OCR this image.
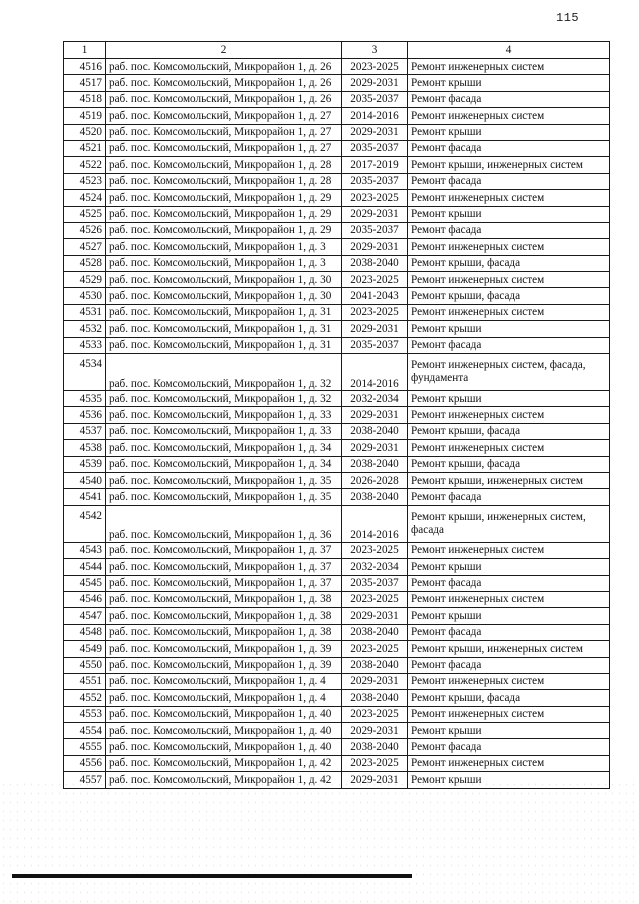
115
1	2	3	4
4516	раб. пос. Комсомольский, Микрорайон 1, д. 26	2023-2025	Ремонт инженерных систем
4517	раб. пос. Комсомольский, Микрорайон 1, д. 26	2029-2031	Ремонт крыши
4518	раб. пос. Комсомольский, Микрорайон 1, д. 26	2035-2037	Ремонт фасада
4519	раб. пос. Комсомольский, Микрорайон 1, д. 27	2014-2016	Ремонт инженерных систем
4520	раб. пос. Комсомольский, Микрорайон 1, д. 27	2029-2031	Ремонт крыши
4521	раб. пос. Комсомольский, Микрорайон 1, д. 27	2035-2037	Ремонт фасада
4522	раб. пос. Комсомольский, Микрорайон 1, д. 28	2017-2019	Ремонт крыши, инженерных систем
4523	раб. пос. Комсомольский, Микрорайон 1, д. 28	2035-2037	Ремонт фасада
4524	раб. пос. Комсомольский, Микрорайон 1, д. 29	2023-2025	Ремонт инженерных систем
4525	раб. пос. Комсомольский, Микрорайон 1, д. 29	2029-2031	Ремонт крыши
4526	раб. пос. Комсомольский, Микрорайон 1, д. 29	2035-2037	Ремонт фасада
4527	раб. пос. Комсомольский, Микрорайон 1, д. 3	2029-2031	Ремонт инженерных систем
4528	раб. пос. Комсомольский, Микрорайон 1, д. 3	2038-2040	Ремонт крыши, фасада
4529	раб. пос. Комсомольский, Микрорайон 1, д. 30	2023-2025	Ремонт инженерных систем
4530	раб. пос. Комсомольский, Микрорайон 1, д. 30	2041-2043	Ремонт крыши, фасада
4531	раб. пос. Комсомольский, Микрорайон 1, д. 31	2023-2025	Ремонт инженерных систем
4532	раб. пос. Комсомольский, Микрорайон 1, д. 31	2029-2031	Ремонт крыши
4533	раб. пос. Комсомольский, Микрорайон 1, д. 31	2035-2037	Ремонт фасада
4534	раб. пос. Комсомольский, Микрорайон 1, д. 32	2014-2016	Ремонт инженерных систем, фасада, фундамента
4535	раб. пос. Комсомольский, Микрорайон 1, д. 32	2032-2034	Ремонт крыши
4536	раб. пос. Комсомольский, Микрорайон 1, д. 33	2029-2031	Ремонт инженерных систем
4537	раб. пос. Комсомольский, Микрорайон 1, д. 33	2038-2040	Ремонт крыши, фасада
4538	раб. пос. Комсомольский, Микрорайон 1, д. 34	2029-2031	Ремонт инженерных систем
4539	раб. пос. Комсомольский, Микрорайон 1, д. 34	2038-2040	Ремонт крыши, фасада
4540	раб. пос. Комсомольский, Микрорайон 1, д. 35	2026-2028	Ремонт крыши, инженерных систем
4541	раб. пос. Комсомольский, Микрорайон 1, д. 35	2038-2040	Ремонт фасада
4542	раб. пос. Комсомольский, Микрорайон 1, д. 36	2014-2016	Ремонт крыши, инженерных систем, фасада
4543	раб. пос. Комсомольский, Микрорайон 1, д. 37	2023-2025	Ремонт инженерных систем
4544	раб. пос. Комсомольский, Микрорайон 1, д. 37	2032-2034	Ремонт крыши
4545	раб. пос. Комсомольский, Микрорайон 1, д. 37	2035-2037	Ремонт фасада
4546	раб. пос. Комсомольский, Микрорайон 1, д. 38	2023-2025	Ремонт инженерных систем
4547	раб. пос. Комсомольский, Микрорайон 1, д. 38	2029-2031	Ремонт крыши
4548	раб. пос. Комсомольский, Микрорайон 1, д. 38	2038-2040	Ремонт фасада
4549	раб. пос. Комсомольский, Микрорайон 1, д. 39	2023-2025	Ремонт крыши, инженерных систем
4550	раб. пос. Комсомольский, Микрорайон 1, д. 39	2038-2040	Ремонт фасада
4551	раб. пос. Комсомольский, Микрорайон 1, д. 4	2029-2031	Ремонт инженерных систем
4552	раб. пос. Комсомольский, Микрорайон 1, д. 4	2038-2040	Ремонт крыши, фасада
4553	раб. пос. Комсомольский, Микрорайон 1, д. 40	2023-2025	Ремонт инженерных систем
4554	раб. пос. Комсомольский, Микрорайон 1, д. 40	2029-2031	Ремонт крыши
4555	раб. пос. Комсомольский, Микрорайон 1, д. 40	2038-2040	Ремонт фасада
4556	раб. пос. Комсомольский, Микрорайон 1, д. 42	2023-2025	Ремонт инженерных систем
4557	раб. пос. Комсомольский, Микрорайон 1, д. 42	2029-2031	Ремонт крыши
